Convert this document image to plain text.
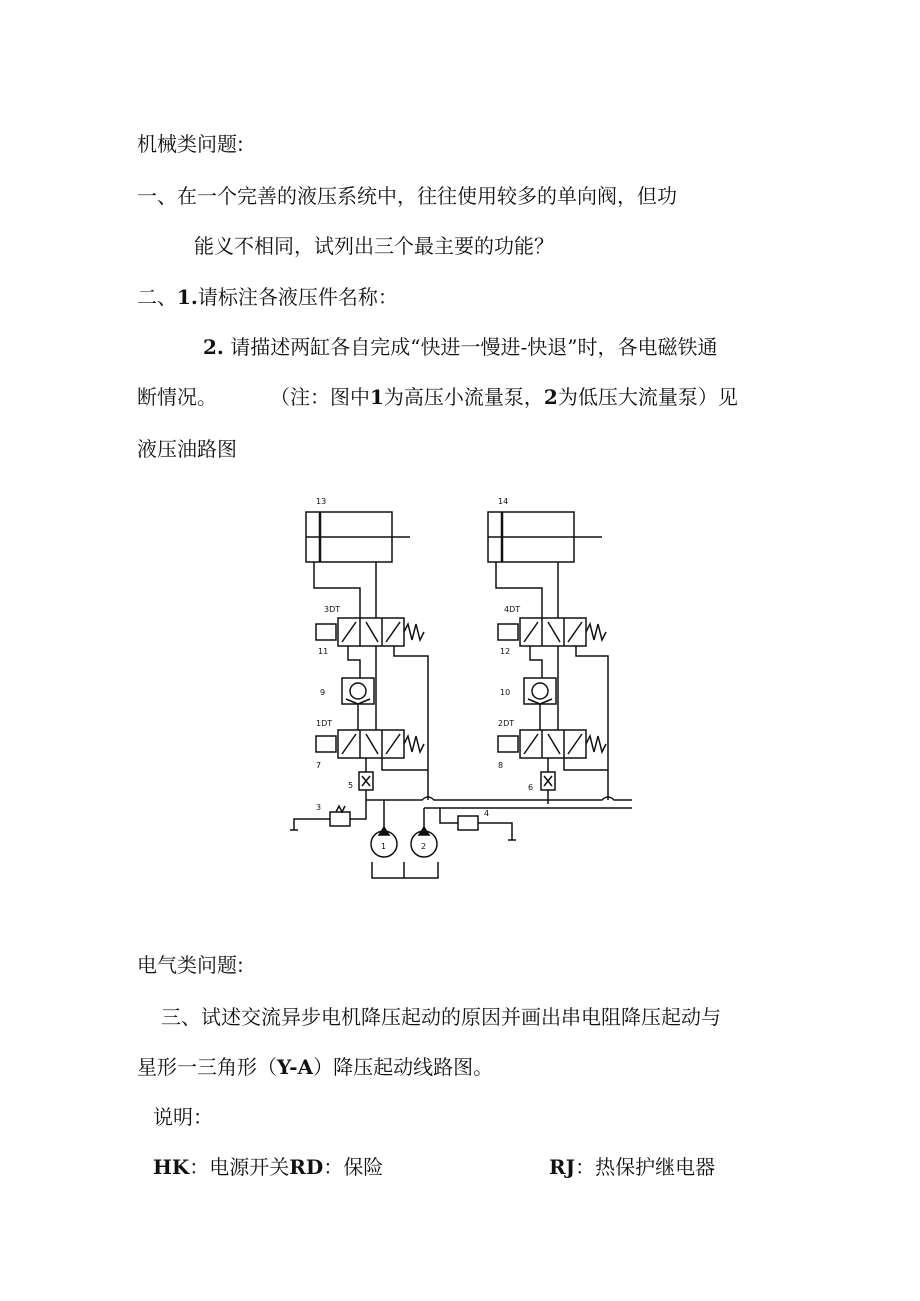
机械类问题:

一、在一个完善的液压系统中，往往使用较多的单向阀，但功

能义不相同，试列出三个最主要的功能？

二、1.请标注各液压件名称：

2. 请描述两缸各自完成“快进一慢进-快退”时，各电磁铁通

断情况。	（注：图中1为高压小流量泵，2为低压大流量泵）见

液压油路图

13	14
3DT	4DT
11	12
9	10
1DT	2DT
7	8
5	6
3
4
1	2

电气类问题:

三、试述交流异步电机降压起动的原因并画出串电阻降压起动与

星形一三角形（Y-A）降压起动线路图。

说明：

HK：电源开关RD：保险	RJ：热保护继电器
